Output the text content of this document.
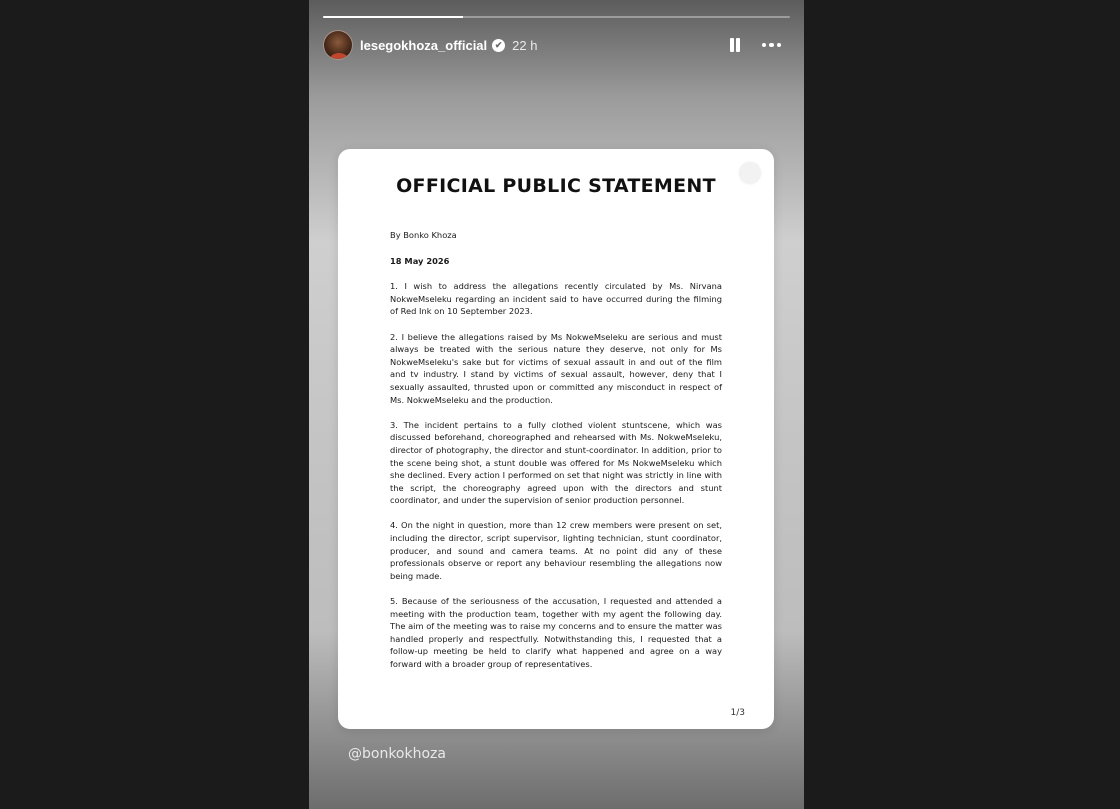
lesegokhoza_official ✔ 22 h
OFFICIAL PUBLIC STATEMENT
By Bonko Khoza
18 May 2026

1. I wish to address the allegations recently circulated by Ms. Nirvana NokweMseleku regarding an incident said to have occurred during the filming of Red Ink on 10 September 2023.

2. I believe the allegations raised by Ms NokweMseleku are serious and must always be treated with the serious nature they deserve, not only for Ms NokweMseleku's sake but for victims of sexual assault in and out of the film and tv industry. I stand by victims of sexual assault, however, deny that I sexually assaulted, thrusted upon or committed any misconduct in respect of Ms. NokweMseleku and the production.

3. The incident pertains to a fully clothed violent stuntscene, which was discussed beforehand, choreographed and rehearsed with Ms. NokweMseleku, director of photography, the director and stunt-coordinator. In addition, prior to the scene being shot, a stunt double was offered for Ms NokweMseleku which she declined. Every action I performed on set that night was strictly in line with the script, the choreography agreed upon with the directors and stunt coordinator, and under the supervision of senior production personnel.

4. On the night in question, more than 12 crew members were present on set, including the director, script supervisor, lighting technician, stunt coordinator, producer, and sound and camera teams. At no point did any of these professionals observe or report any behaviour resembling the allegations now being made.

5. Because of the seriousness of the accusation, I requested and attended a meeting with the production team, together with my agent the following day. The aim of the meeting was to raise my concerns and to ensure the matter was handled properly and respectfully. Notwithstanding this, I requested that a follow-up meeting be held to clarify what happened and agree on a way forward with a broader group of representatives.

1/3
@bonkokhoza
